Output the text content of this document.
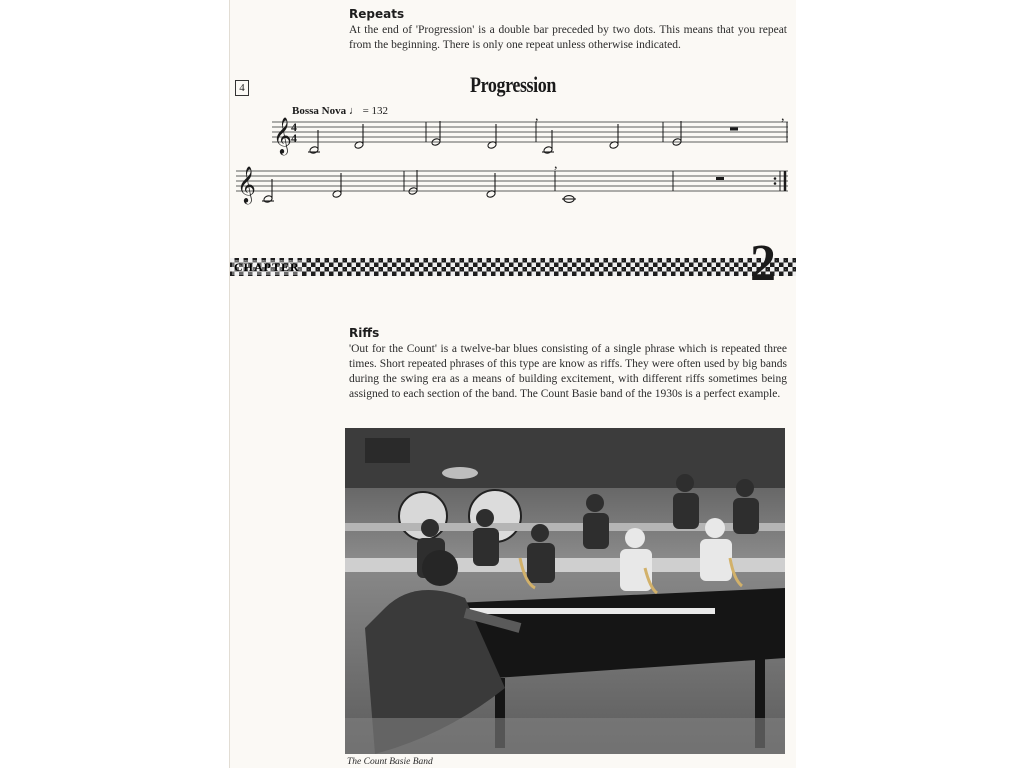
Repeats
At the end of 'Progression' is a double bar preceded by two dots. This means that you repeat from the beginning. There is only one repeat unless otherwise indicated.
4	Progression
Bossa Nova ♩ = 132
𝄞
𝄞
4
4
,	,
,
CHAPTER	2
Riffs
'Out for the Count' is a twelve-bar blues consisting of a single phrase which is repeated three times. Short repeated phrases of this type are know as riffs. They were often used by big bands during the swing era as a means of building excitement, with different riffs sometimes being assigned to each section of the band. The Count Basie band of the 1930s is a perfect example.
The Count Basie Band
